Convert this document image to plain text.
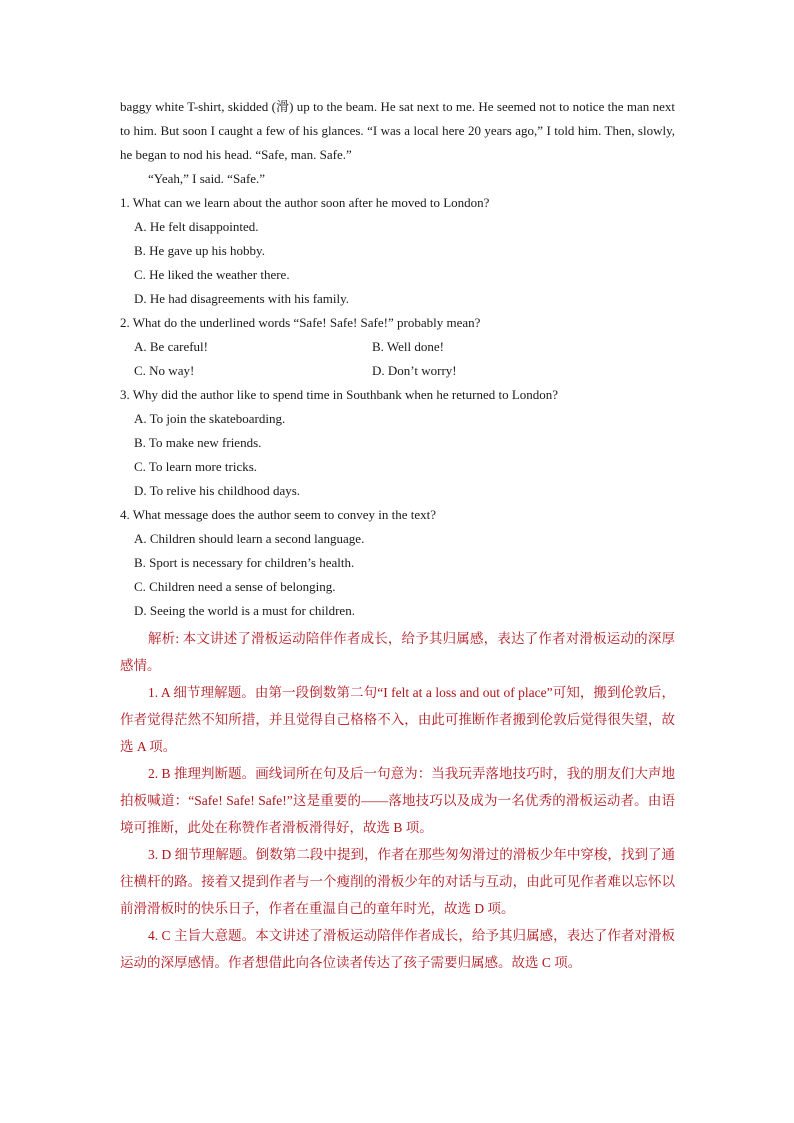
baggy white T-shirt, skidded (滑) up to the beam. He sat next to me. He seemed not to notice the man next to him. But soon I caught a few of his glances. “I was a local here 20 years ago,” I told him. Then, slowly, he began to nod his head. “Safe, man. Safe.”

“Yeah,” I said. “Safe.”

1. What can we learn about the author soon after he moved to London?

A. He felt disappointed.

B. He gave up his hobby.

C. He liked the weather there.

D. He had disagreements with his family.

2. What do the underlined words “Safe! Safe! Safe!” probably mean?

A. Be careful!	B. Well done!
C. No way!	D. Don’t worry!

3. Why did the author like to spend time in Southbank when he returned to London?

A. To join the skateboarding.

B. To make new friends.

C. To learn more tricks.

D. To relive his childhood days.

4. What message does the author seem to convey in the text?

A. Children should learn a second language.

B. Sport is necessary for children’s health.

C. Children need a sense of belonging.

D. Seeing the world is a must for children.

解析: 本文讲述了滑板运动陪伴作者成长，给予其归属感，表达了作者对滑板运动的深厚感情。

1. A 细节理解题。由第一段倒数第二句“I felt at a loss and out of place”可知，搬到伦敦后，作者觉得茫然不知所措，并且觉得自己格格不入，由此可推断作者搬到伦敦后觉得很失望，故选 A 项。

2. B 推理判断题。画线词所在句及后一句意为：当我玩弄落地技巧时，我的朋友们大声地拍板喊道：“Safe! Safe! Safe!”这是重要的——落地技巧以及成为一名优秀的滑板运动者。由语境可推断，此处在称赞作者滑板滑得好，故选 B 项。

3. D 细节理解题。倒数第二段中提到，作者在那些匆匆滑过的滑板少年中穿梭，找到了通往横杆的路。接着又提到作者与一个瘦削的滑板少年的对话与互动，由此可见作者难以忘怀以前滑滑板时的快乐日子，作者在重温自己的童年时光，故选 D 项。

4. C 主旨大意题。本文讲述了滑板运动陪伴作者成长，给予其归属感，表达了作者对滑板运动的深厚感情。作者想借此向各位读者传达了孩子需要归属感。故选 C 项。
